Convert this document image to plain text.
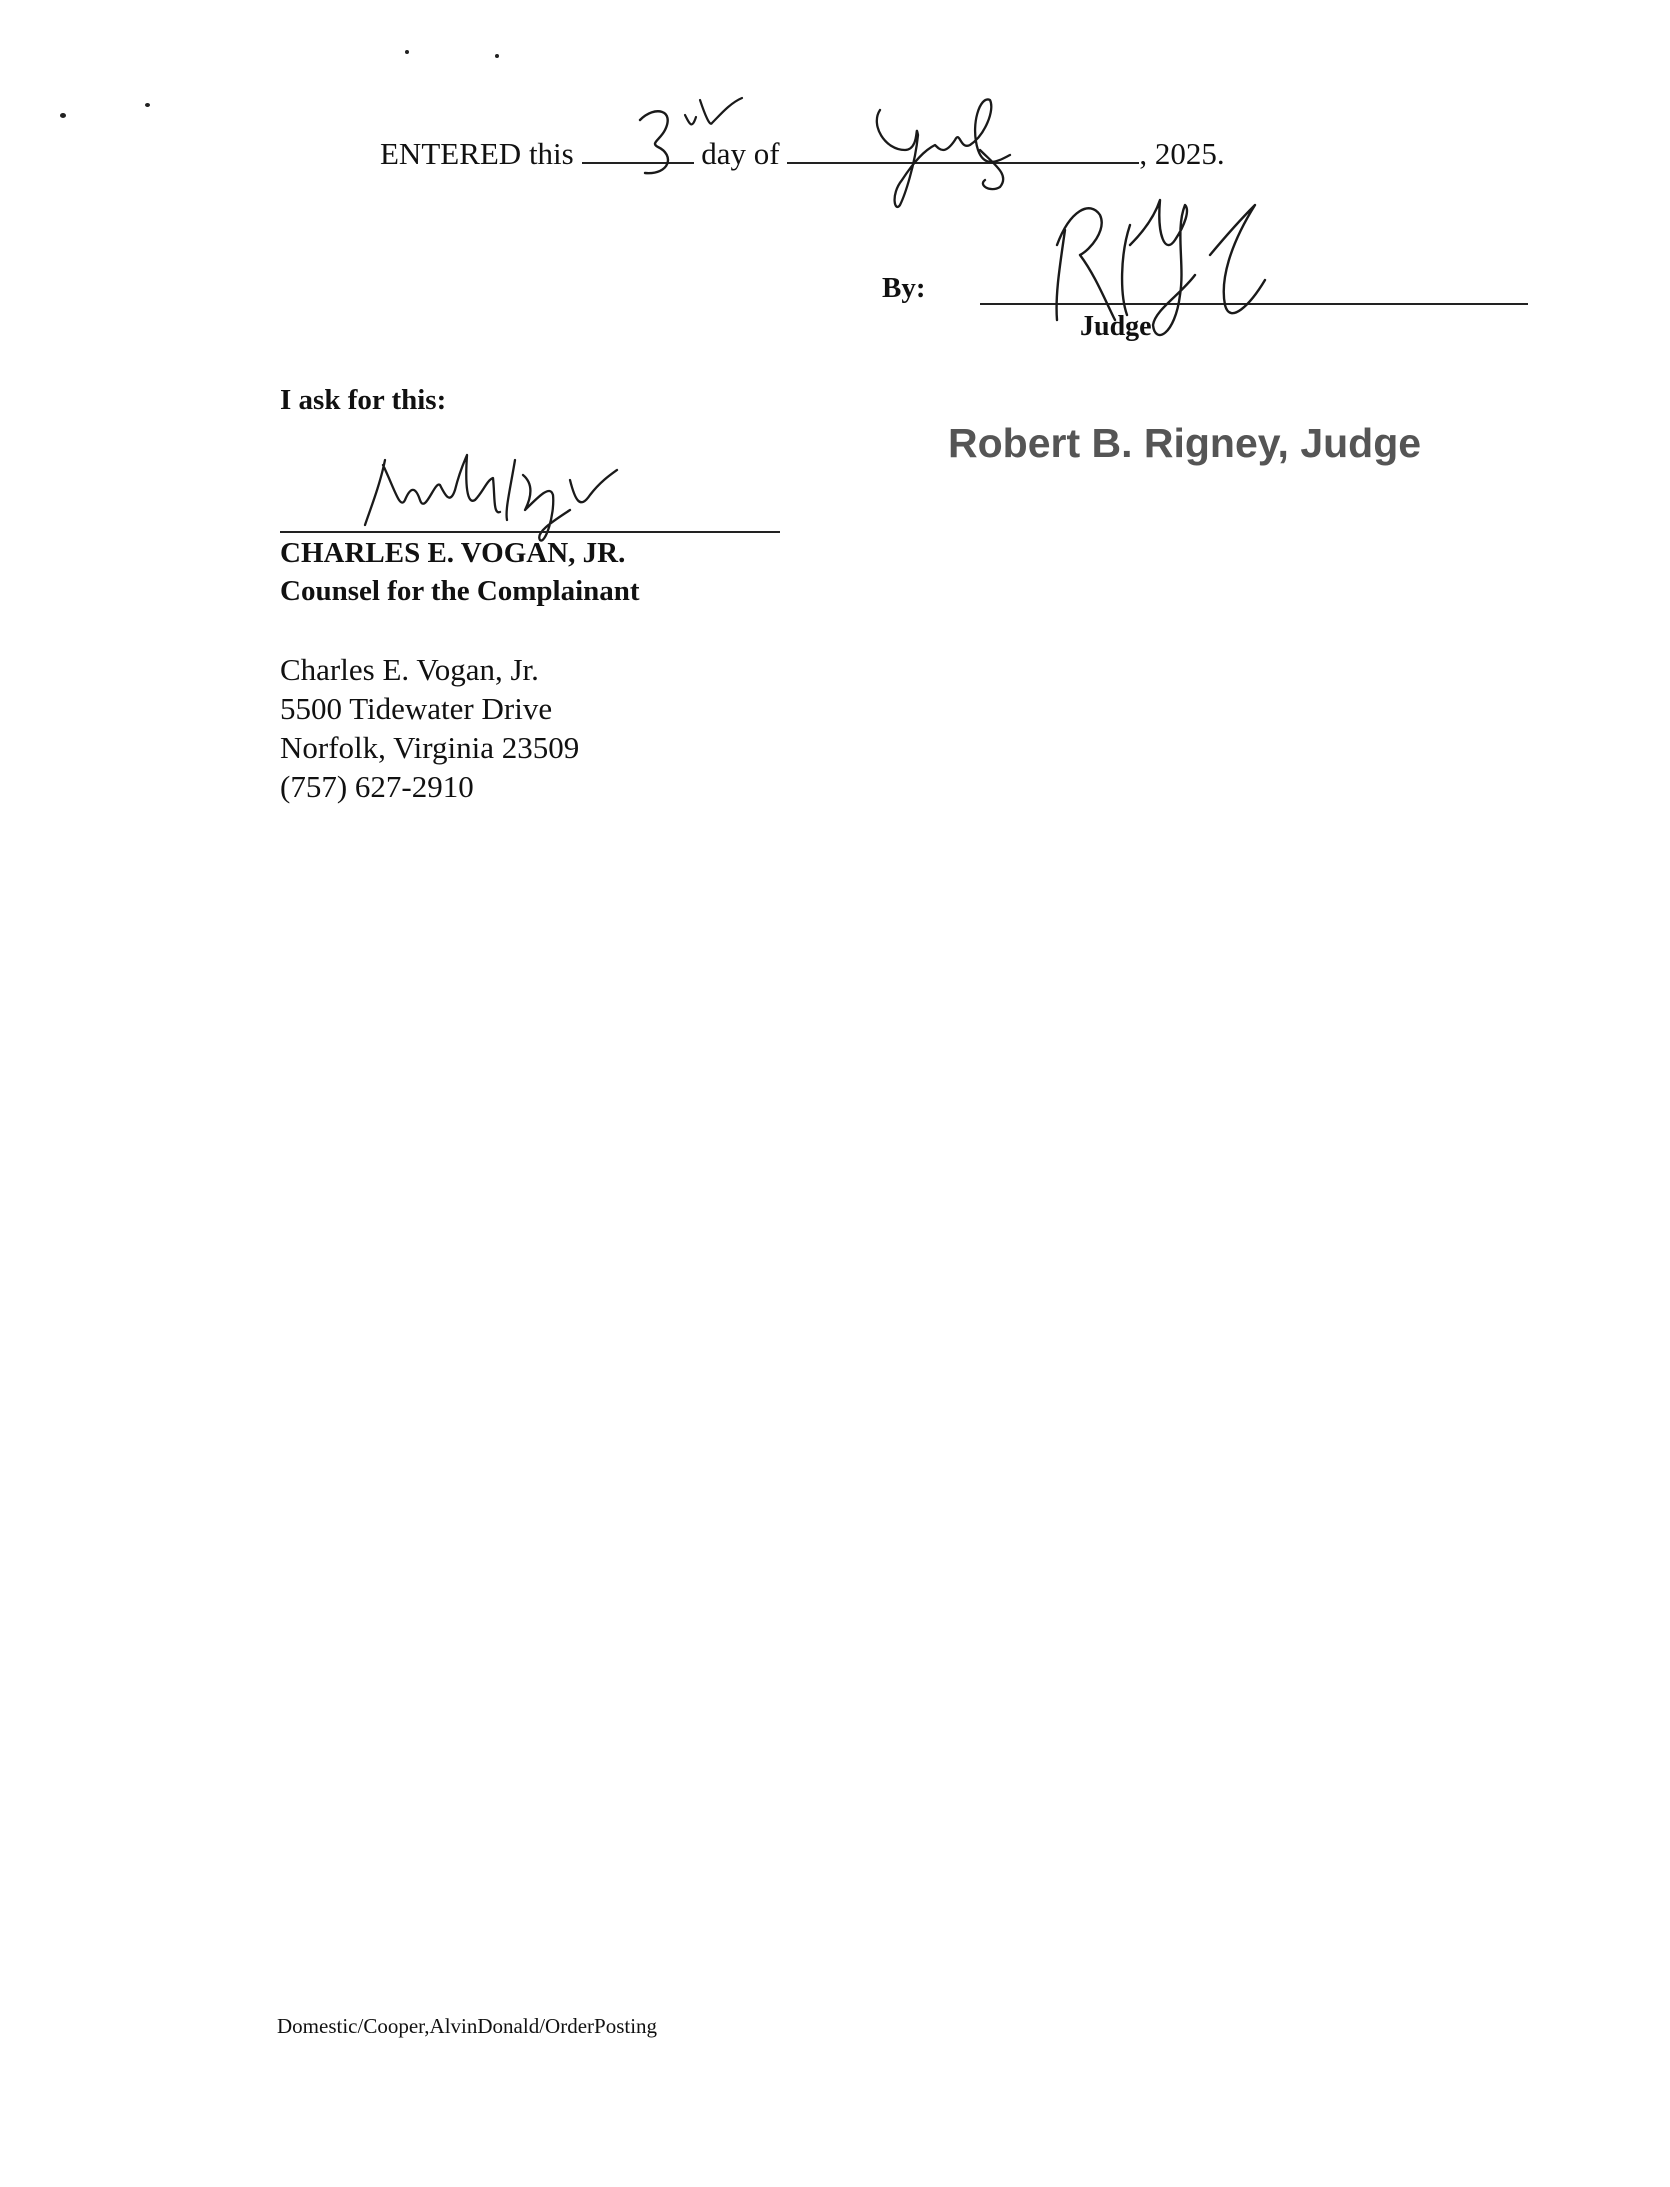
ENTERED this	day of	, 2025.
By:
Judge
Robert B. Rigney, Judge
I ask for this:
CHARLES E. VOGAN, JR.
Counsel for the Complainant
Charles E. Vogan, Jr.
5500 Tidewater Drive
Norfolk, Virginia 23509
(757) 627-2910
Domestic/Cooper,AlvinDonald/OrderPosting
